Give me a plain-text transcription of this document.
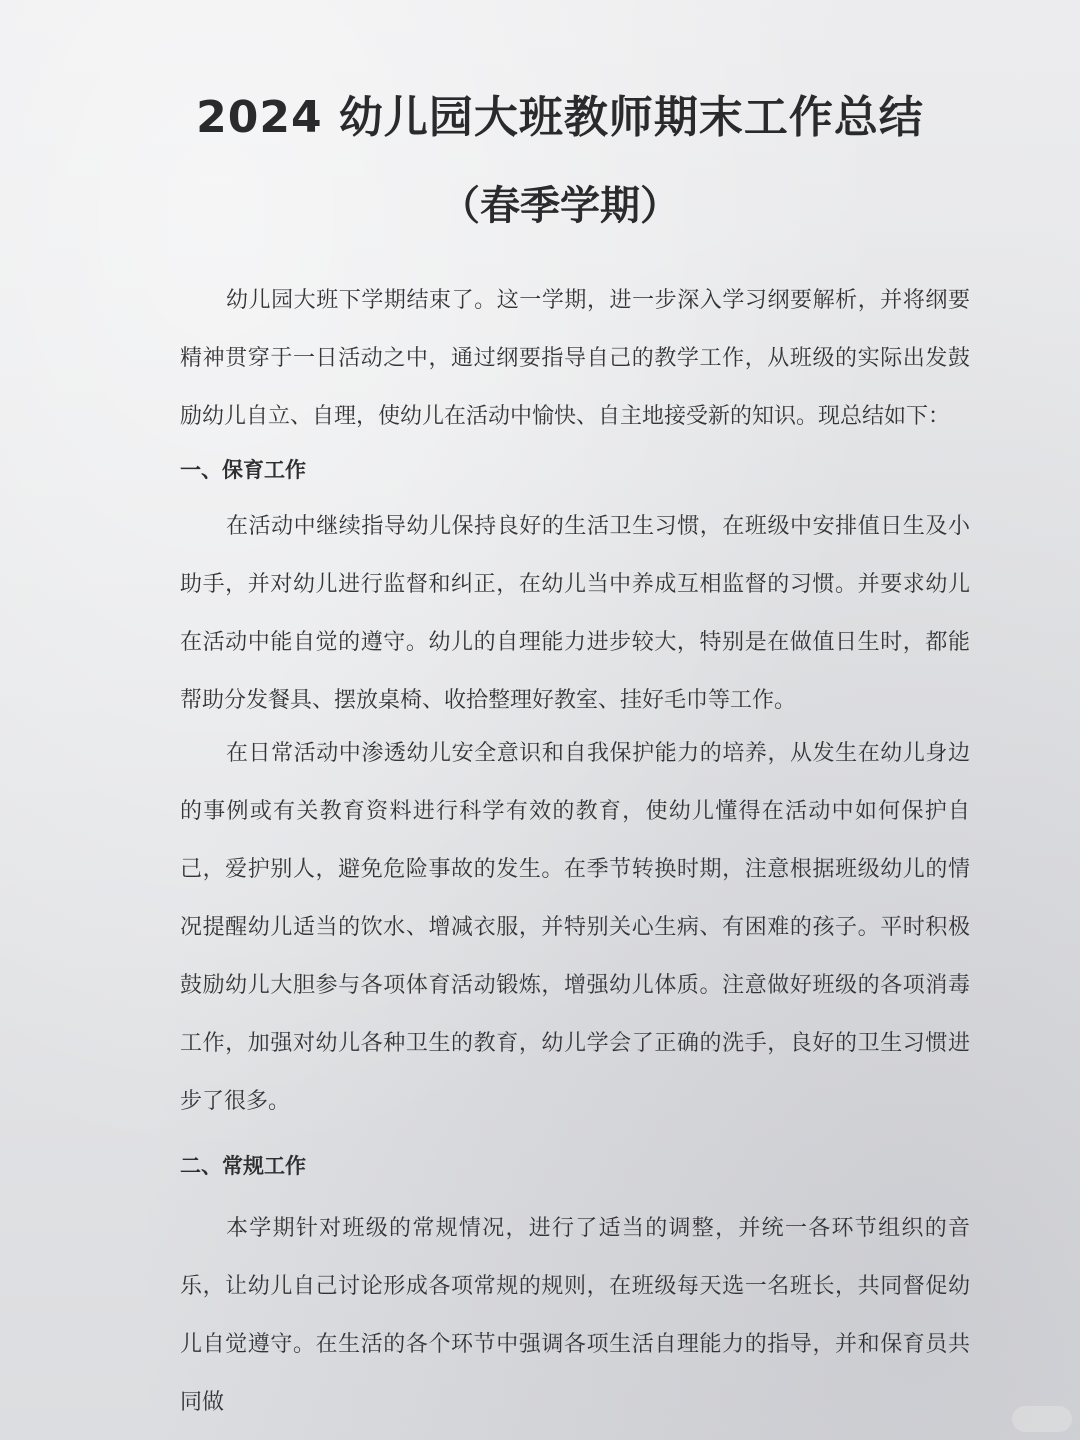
2024 幼儿园大班教师期末工作总结
（春季学期）

幼儿园大班下学期结束了。这一学期，进一步深入学习纲要解析，并将纲要精神贯穿于一日活动之中，通过纲要指导自己的教学工作，从班级的实际出发鼓励幼儿自立、自理，使幼儿在活动中愉快、自主地接受新的知识。现总结如下：

一、保育工作

在活动中继续指导幼儿保持良好的生活卫生习惯，在班级中安排值日生及小助手，并对幼儿进行监督和纠正，在幼儿当中养成互相监督的习惯。并要求幼儿在活动中能自觉的遵守。幼儿的自理能力进步较大，特别是在做值日生时，都能帮助分发餐具、摆放桌椅、收拾整理好教室、挂好毛巾等工作。

在日常活动中渗透幼儿安全意识和自我保护能力的培养，从发生在幼儿身边的事例或有关教育资料进行科学有效的教育，使幼儿懂得在活动中如何保护自己，爱护别人，避免危险事故的发生。在季节转换时期，注意根据班级幼儿的情况提醒幼儿适当的饮水、增减衣服，并特别关心生病、有困难的孩子。平时积极鼓励幼儿大胆参与各项体育活动锻炼，增强幼儿体质。注意做好班级的各项消毒工作，加强对幼儿各种卫生的教育，幼儿学会了正确的洗手，良好的卫生习惯进步了很多。

二、常规工作

本学期针对班级的常规情况，进行了适当的调整，并统一各环节组织的音乐，让幼儿自己讨论形成各项常规的规则，在班级每天选一名班长，共同督促幼儿自觉遵守。在生活的各个环节中强调各项生活自理能力的指导，并和保育员共同做
